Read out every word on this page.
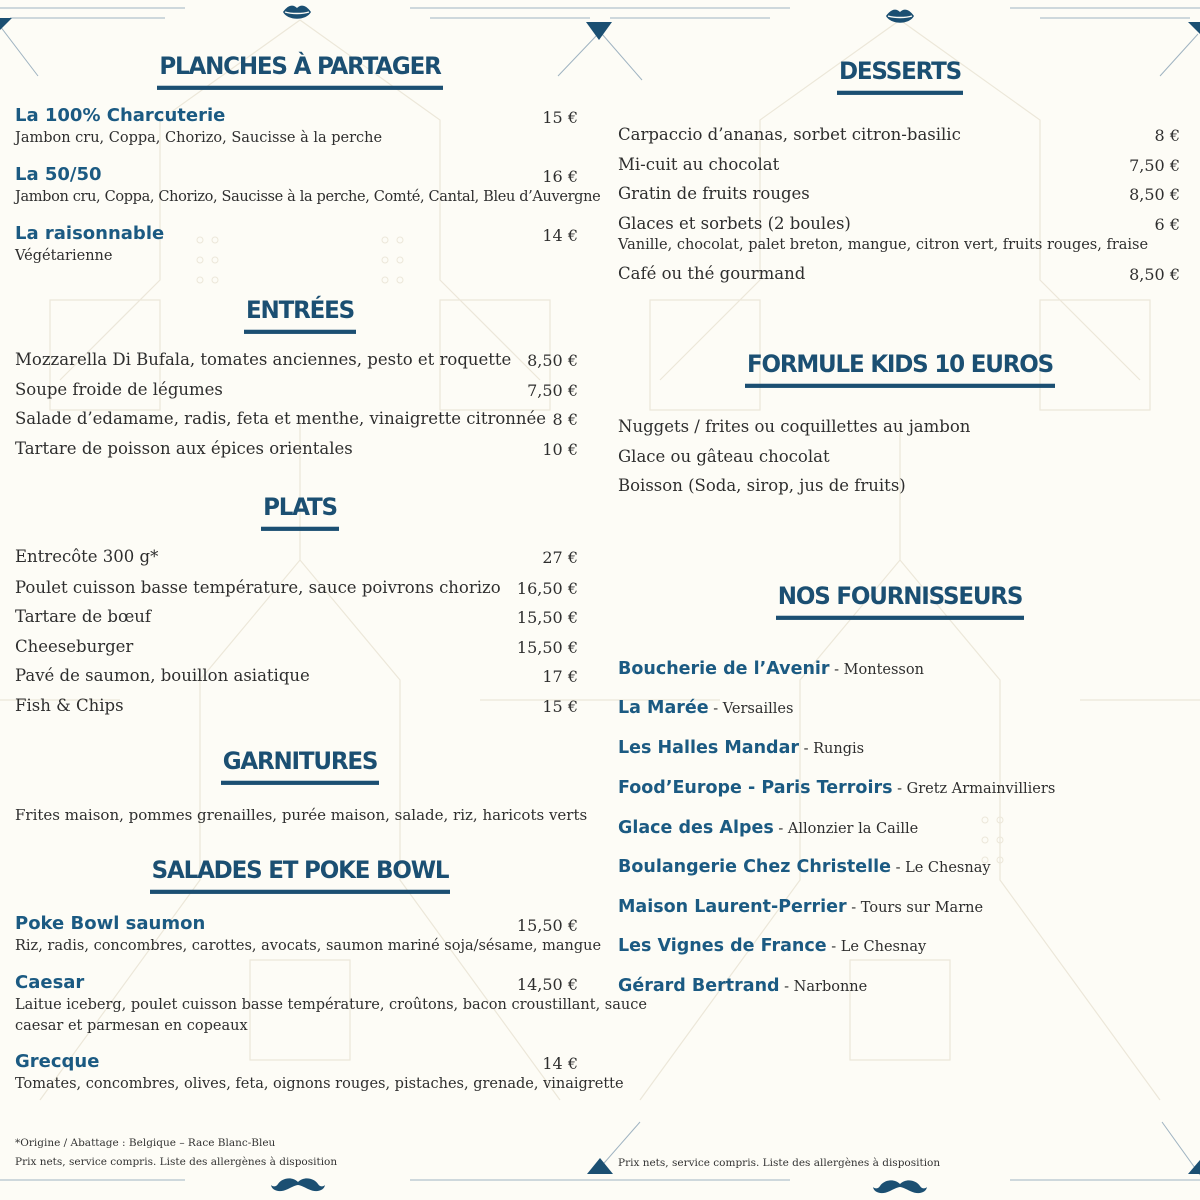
PLANCHES À PARTAGER
La 100% Charcuterie
Jambon cru, Coppa, Chorizo, Saucisse à la perche
15 €
La 50/50
Jambon cru, Coppa, Chorizo, Saucisse à la perche, Comté, Cantal, Bleu d’Auvergne
16 €
La raisonnable
Végétarienne
14 €
ENTRÉES
Mozzarella Di Bufala, tomates anciennes, pesto et roquette 8,50 €
Soupe froide de légumes	7,50 €
Salade d’edamame, radis, feta et menthe, vinaigrette citronnée 8 €
Tartare de poisson aux épices orientales	10 €
PLATS
Entrecôte 300 g*	27 €
Poulet cuisson basse température, sauce poivrons chorizo 16,50 €
Tartare de bœuf	15,50 €
Cheeseburger	15,50 €
Pavé de saumon, bouillon asiatique	17 €
Fish & Chips	15 €
GARNITURES
Frites maison, pommes grenailles, purée maison, salade, riz, haricots verts
SALADES ET POKE BOWL
Poke Bowl saumon
Riz, radis, concombres, carottes, avocats, saumon mariné soja/sésame, mangue
15,50 €
Caesar
Laitue iceberg, poulet cuisson basse température, croûtons, bacon croustillant, sauce
caesar et parmesan en copeaux
14,50 €
Grecque
Tomates, concombres, olives, feta, oignons rouges, pistaches, grenade, vinaigrette
14 €
*Origine / Abattage : Belgique – Race Blanc-Bleu
Prix nets, service compris. Liste des allergènes à disposition
DESSERTS
Carpaccio d’ananas, sorbet citron-basilic	8 €
Mi-cuit au chocolat	7,50 €
Gratin de fruits rouges	8,50 €
Glaces et sorbets (2 boules)
Vanille, chocolat, palet breton, mangue, citron vert, fruits rouges, fraise
6 €
Café ou thé gourmand	8,50 €
FORMULE KIDS 10 EUROS
Nuggets / frites ou coquillettes au jambon
Glace ou gâteau chocolat
Boisson (Soda, sirop, jus de fruits)
NOS FOURNISSEURS
Boucherie de l’Avenir - Montesson
La Marée - Versailles
Les Halles Mandar - Rungis
Food’Europe - Paris Terroirs - Gretz Armainvilliers
Glace des Alpes - Allonzier la Caille
Boulangerie Chez Christelle - Le Chesnay
Maison Laurent-Perrier - Tours sur Marne
Les Vignes de France - Le Chesnay
Gérard Bertrand - Narbonne
Prix nets, service compris. Liste des allergènes à disposition
